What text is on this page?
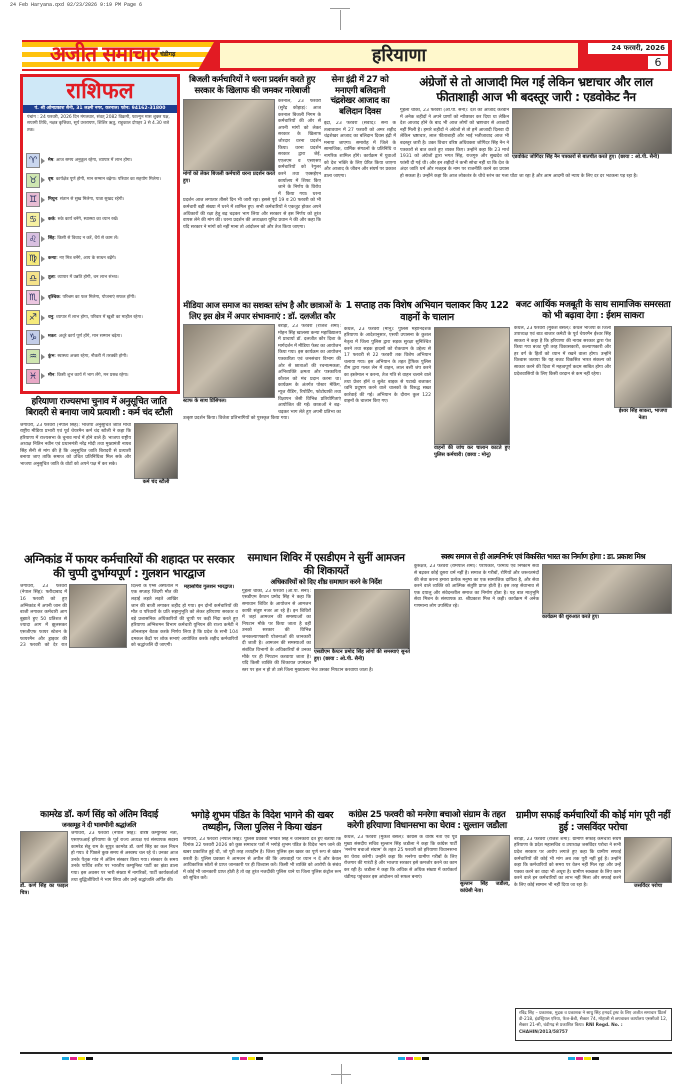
24 Feb Haryana.qxd 02/23/2026 9:19 PM Page 6
अजीत समाचार चंडीगढ़	हरियाणा	24 फरवरी, 2026
6
राशिफल
पं. श्री ओमप्रकाश सैनी, 31 लक्ष्मी नगर, करनाल। फोन: 94162-31800
पंचांग : 24 फरवरी, 2026 दिन मंगलवार, संवत् 2082 विक्रमी, फाल्गुन मास शुक्ल पक्ष, सप्तमी तिथि, नक्षत्र कृत्तिका, सूर्य उत्तरायण, शिशिर ऋतु, राहुकाल दोपहर 3 से 4.30 बजे तक।
♈	मेष: आज समय अनुकूल रहेगा, व्यापार में लाभ होगा।
♉	वृष: कार्यक्षेत्र पूर्ण होगी, मान सम्मान बढ़ेगा। परिवार का सहयोग मिलेगा।
♊	मिथुन: संतान से सुख मिलेगा, यात्रा सुखद रहेगी।
♋	कर्क: रुके कार्य बनेंगे, स्वास्थ्य का ध्यान रखें।
♌	सिंह: किसी से विवाद न करें, धैर्य से काम लें।
♍	कन्या: नए मित्र बनेंगे, आय के साधन बढ़ेंगे।
♎	तुला: व्यापार में उन्नति होगी, धन लाभ संभव।
♏	वृश्चिक: परिश्रम का फल मिलेगा, योजनाएं सफल होंगी।
♐	धनु: व्यापार में लाभ होगा, परिवार में खुशी का माहौल रहेगा।
♑	मकर: अधूरे कार्य पूर्ण होंगे, मान सम्मान बढ़ेगा।
♒	कुंभ: स्वास्थ्य अच्छा रहेगा, नौकरी में तरक्की होगी।
♓	मीन: किसी शुभ कार्य में भाग लेंगे, मन प्रसन्न रहेगा।
बिजली कर्मचारियों ने धरना प्रदर्शन करते हुए सरकार के खिलाफ की जमकर नारेबाजी
मांगों को लेकर बिजली कर्मचारी धरना प्रदर्शन करते हुए।
करनाल, 23 फरवरी (सुरेंद्र कोहाड़): आज करनाल बिजली निगम के कर्मचारियों की ओर से अपनी मांगों को लेकर सरकार के खिलाफ जोरदार धरना प्रदर्शन किया। धरना प्रदर्शन सरकार द्वारा जेई, एएलएम व एसएसए कर्मचारियों को रेगुलर करने तथा एक्सईएन कार्यालय में शिफ्ट किए जाने के निर्णय के विरोध में किया गया। धरना प्रदर्शन आज लगातार तीसरे दिन भी जारी रहा। इससे पूर्व 19 व 20 फरवरी को भी कर्मचारी बड़ी संख्या में धरने में शामिल हुए। सभी कर्मचारियों ने एकजुट होकर अपने अधिकारों की रक्षा हेतु बढ़ चढ़कर भाग लिया और सरकार से इस निर्णय को तुरंत वापस लेने की मांग की। धरना प्रदर्शन की अध्यक्षता यूनिट प्रधान ने की और कहा कि यदि सरकार ने मांगों को नहीं माना तो आंदोलन को और तेज किया जाएगा।
सेना इंद्री में 27 को मनाएगी बलिदानी चंद्रशेखर आजाद का बलिदान दिवस
इंद्री, 23 फरवरी (संवाद): सेना के तत्वावधान में 27 फरवरी को अमर शहीद चंद्रशेखर आजाद का बलिदान दिवस इंद्री में मनाया जाएगा। समारोह में जिले के सामाजिक, धार्मिक संगठनों के प्रतिनिधि व नागरिक शामिल होंगे। कार्यक्रम में युवाओं को देश भक्ति के लिए प्रेरित किया जाएगा और आजाद के जीवन और संघर्ष पर प्रकाश डाला जाएगा।
अंग्रेजों से तो आजादी मिल गई लेकिन भ्रष्टाचार और लाल फीताशाही आज भी बदस्तूर जारी : एडवोकेट नैन
एडवोकेट जोगिंदर सिंह नैन पत्रकारों से बातचीत करते हुए। (छाया : ओ.पी. सैनी)
गुहला चीका, 23 फरवरी (ओ.पी. सैनी): देश को आजाद करवाने में अनेक शहीदों ने अपने प्राणों को न्यौछावर कर दिया था लेकिन देश आजाद होने के बाद भी आज लोगों को भ्रष्टाचार से आजादी नहीं मिली है। हमारे शहीदों ने अंग्रेजों से तो हमें आजादी दिलवा दी लेकिन भ्रष्टाचार, लाल फीताशाही और भाई भतीजावाद आज भी बदस्तूर जारी है। उक्त विचार वरिष्ठ अधिवक्ता जोगिंदर सिंह नैन ने पत्रकारों से बात करते हुए व्यक्त किए। उन्होंने कहा कि 23 मार्च 1931 को अंग्रेजों द्वारा भगत सिंह, राजगुरु और सुखदेव को फांसी दी गई थी। और इन शहीदों ने कभी सोचा नहीं था कि देश के अंदर जाति धर्म और मजहब के नाम पर राजनीति करने का प्रयास हो सकता है। उन्होंने कहा कि आज लोकतंत्र के चौथे स्तंभ का गला घोंटा जा रहा है और आम आदमी को न्याय के लिए दर दर भटकना पड़ रहा है।
हरियाणा राज्यसभा चुनाव में अनुसूचित जाति बिरादरी से बनाया जाये प्रत्याशी : कर्म चंद स्टौली
कर्म चंद स्टौली
जगाधरी, 23 फरवरी (नेपाल सिंह): भाजपा अनुसूचित जाति मोर्चा राष्ट्रीय मीडिया प्रभारी एवं पूर्व चेयरमैन कर्म चंद स्टौली ने कहा कि हरियाणा में राज्यसभा के चुनाव मार्च में होने वाले हैं। भाजपा राष्ट्रीय अध्यक्ष नितिन नवीन एवं प्रधानमंत्री नरेंद्र मोदी तथा मुख्यमंत्री नायब सिंह सैनी से मांग की है कि अनुसूचित जाति बिरादरी से प्रत्याशी बनाया जाए ताकि समाज को उचित प्रतिनिधित्व मिल सके और भाजपा अनुसूचित जाति के वोटों को अपने पक्ष में कर सके।
मीडिया आज समाज का सशक्त स्तंभ है और छात्राओं के लिए इस क्षेत्र में अपार संभावनाएं : डॉ. दलजीत कौर
स्टाफ के साथ प्रिंसिपल।
बराड़ा, 23 फरवरी (राजेश शर्मा): मोहन सिंह खालसा कन्या महाविद्यालय में प्राचार्या डॉ. दलजीत कौर दिशा के मार्गदर्शन में मीडिया फेस्ट का आयोजन किया गया। इस कार्यक्रम का आयोजन पत्रकारिता एवं जनसंचार विभाग की ओर से छात्राओं की रचनात्मकता, अभिव्यक्ति क्षमता और पत्रकारिता कौशल को मंच प्रदान करना था। कार्यक्रम के अंतर्गत पोस्टर मेकिंग, न्यूज रीडिंग, रिपोर्टिंग, फोटोग्राफी तथा विज्ञापन जैसी विभिन्न प्रतियोगिताएं आयोजित की गईं। छात्राओं ने बढ़-चढ़कर भाग लेते हुए अपनी प्रतिभा का उत्कृष्ट प्रदर्शन किया। विजेता प्रतिभागियों को पुरस्कृत किया गया।
1 सप्ताह तक विशेष अभियान चलाकर किए 122 वाहनों के चालान
वाहनों की जांच कर चालान काटते हुए पुलिस कर्मचारी। (छाया : मोनू)
कैथल, 23 फरवरी (मोनू): पुलिस महानिदेशक हरियाणा के आदेशानुसार, एसपी उपासना के कुशल नेतृत्व में जिला पुलिस द्वारा सड़क सुरक्षा सुनिश्चित करने तथा सड़क हादसों को रोकथाम के उद्देश्य से 17 फरवरी से 22 फरवरी तक विशेष अभियान चलाया गया। इस अभियान के तहत ट्रैफिक पुलिस टीम द्वारा गलत लेन में वाहन, लाल बत्ती जंप करने का इस्तेमाल न करना, तेज गति से वाहन चलाने वाले तथा प्रेशर हॉर्न व बुलेट बाइक से पटाखे बजाकर ध्वनि प्रदूषण करने वाले चालकों के विरुद्ध सख्त कार्रवाई की गई। अभियान के दौरान कुल 122 वाहनों के चालान किए गए।
बजट आर्थिक मजबूती के साथ सामाजिक समरसता को भी बढ़ावा देगा : ईशम साकरा
ईश्वर सिंह साकरा, भाजपा नेता।
कैथल, 23 फरवरी (मुकेश बंसल): कैथल भाजपा के जिला उपाध्यक्ष एवं बाउ बाजार कमेटी के पूर्व चेयरमैन ईश्वर सिंह साकरा ने कहा है कि हरियाणा की नायब सरकार द्वारा पेश किया गया बजट पूरी तरह विकासकारी, कल्याणकारी और हर वर्ग के हितों को ध्यान में रखने वाला होगा। उन्होंने विश्वास जताया कि यह बजट विकसित भारत संकल्प को साकार करने की दिशा में महत्वपूर्ण कदम साबित होगा और प्रदेशवासियों के लिए किसी वरदान से कम नहीं रहेगा।
अग्निकांड में फायर कर्मचारियों की शहादत पर सरकार की चुप्पी दुर्भाग्यपूर्ण : गुलशन भारद्वाज
महासचिव गुलशन भारद्वाज।
जगाधरी, 23 फरवरी (नेपाल सिंह): फरीदाबाद में 16 फरवरी को हुए अग्निकांड में अपनी जान की बाजी लगाकर कर्मचारी आग बुझाते हुए 50 प्रतिशत से ज्यादा आग में झुलसकर एसजीएफ फायर स्टेशन के फायरमैन और ड्राइवर की 23 फरवरी को देर रात दिल्ली के एम्स अस्पताल में एक सप्ताह जिंदगी मौत की लड़ाई लड़ते लड़ते आखिर जान की बाजी लगाकर शहीद हो गया। इन दोनों कर्मचारियों की मौत व परिवारों के प्रति सहानुभूति को लेकर हरियाणा सरकार व बड़े प्रशासनिक अधिकारियों की चुप्पी पर कड़ी निंदा करते हुए हरियाणा अग्निशमन विभाग कर्मचारी यूनियन की राज्य कमेटी ने ऑनलाइन बैठक करके निर्णय लिया है कि प्रदेश के सभी 104 दमकल केंद्रों पर शोक सभाएं आयोजित करके शहीद कर्मचारियों को श्रद्धांजलि दी जाएगी।
समाधान शिविर में एसडीएम ने सुनीं आमजन की शिकायतें
अधिकारियों को दिए शीघ्र समाधान करने के निर्देश
एसडीएम कैप्टन प्रमोद सिंह लोगों की समस्याएं सुनते हुए। (छाया : ओ.पी. सैनी)
गुहला चीका, 23 फरवरी (ओ.पी. सैनी): एसडीएम कैप्टन प्रमोद सिंह ने कहा कि समाधान शिविर के आयोजन से आमजन काफी संतुष्ट नजर आ रहे हैं। इन शिविरों में जहां आमजन की समस्याओं का निपटान मौके पर किया जाता है वहीं उनको सरकार की विभिन्न जनकल्याणकारी योजनाओं की जानकारी दी जाती है। आमजन की समस्याओं का संबंधित विभागों के अधिकारियों से उनका मौके पर ही निपटान करवाया जाता है। यदि किसी व्यक्ति की शिकायत उपमंडल स्तर पर हल न हो तो उसे जिला मुख्यालय भेज उसका निपटान करवाया जाता है।
स्वस्थ समाज से ही आत्मनिर्भर एवं विकसित भारत का निर्माण होगा : डा. प्रकाश मिश्र
कार्यक्रम की शुरुआत करते हुए।
कुरुक्षेत्र, 23 फरवरी (रामपाल शर्मा): परोपकार, परमार्थ एवं निष्काम सेवा से बढ़कर कोई दूसरा धर्म नहीं है। समाज के गरीबों, रोगियों और जरूरतमंदों की सेवा करना हमारा प्रत्येक मनुष्य का एक सामाजिक दायित्व है, और सेवा करने वाले व्यक्ति को आत्मिक संतुष्टि प्राप्त होती है। इस तरह सेवाभाव से एक दयालु और संवेदनशील समाज का निर्माण होता है। यह बात मातृभूमि सेवा मिशन के संस्थापक डा. श्रीप्रकाश मिश्र ने कही। कार्यक्रम में अनेक गणमान्य लोग उपस्थित रहे।
कामरेड डॉ. कर्ण सिंह को अंतिम विदाई
जनसमूह ने दी भावभीनी श्रद्धांजलि
डॉ. कर्ण सिंह का फाइल चित्र।
जगाधरी, 23 फरवरी (नेपाल सिंह): वरिष्ठ कम्युनिस्ट नेता, एसएफआई हरियाणा के पूर्व राज्य अध्यक्ष एवं संस्थापक सदस्य कामरेड सेतु राम के सुपुत्र कामरेड डॉ. कर्ण सिंह का कल निधन हो गया। वे पिछले कुछ समय से अस्वस्थ चल रहे थे। उनका आज उनके पैतृक गांव में अंतिम संस्कार किया गया। संस्कार के समय उनके पार्थिव शरीर पर भारतीय कम्युनिस्ट पार्टी का झंडा डाला गया। इस अवसर पर भारी संख्या में नागरिकों, पार्टी कार्यकर्ताओं तथा बुद्धिजीवियों ने भाग लिया और उन्हें श्रद्धांजलि अर्पित की।
भगोड़े शुभम पंडित के विदेश भागने की खबर तथ्यहीन, जिला पुलिस ने किया खंडन
जगाधरी, 23 फरवरी (नेपाल सिंह): पुलिस प्रवक्ता भगवंत सिंह ने जानकारी देते हुए बताया कि दिनांक 22 फरवरी 2026 को कुछ समाचार पत्रों में भगोड़े शुभम पंडित के विदेश भाग जाने की खबर प्रकाशित हुई थी, जो पूरी तरह तथ्यहीन है। जिला पुलिस इस खबर का पूर्ण रूप से खंडन करती है। पुलिस प्रवक्ता ने आमजन से अपील की कि अफवाहों पर ध्यान न दें और केवल आधिकारिक स्रोतों से प्राप्त जानकारी पर ही विश्वास करें। किसी भी व्यक्ति को आरोपी के संबंध में कोई भी जानकारी प्राप्त होती है तो वह तुरंत नजदीकी पुलिस थाने या जिला पुलिस कंट्रोल रूम को सूचित करें।
कांग्रेस 25 फरवरी को मनरेगा बचाओ संग्राम के तहत करेगी हरियाणा विधानसभा का घेराव : सुल्तान जडौला
सुल्तान सिंह जडौला, कांग्रेसी नेता।
कैथल, 23 फरवरी (मुकेश बंसल): कांग्रेस के वरिष्ठ नेता एवं पूर्व मुख्य संसदीय सचिव सुल्तान सिंह जडौला ने कहा कि कांग्रेस पार्टी 'मनरेगा बचाओ संग्राम' के तहत 25 फरवरी को हरियाणा विधानसभा का घेराव करेगी। उन्होंने कहा कि मनरेगा ग्रामीण गरीबों के लिए रोजगार की गारंटी है और भाजपा सरकार इसे कमजोर करने का काम कर रही है। जडौला ने कहा कि अधिक से अधिक संख्या में कार्यकर्ता चंडीगढ़ पहुंचकर इस आंदोलन को सफल बनाएं।
ग्रामीण सफाई कर्मचारियों की कोई मांग पूरी नहीं हुई : जसविंदर परोचा
जसविंदर परोचा
बराड़ा, 23 फरवरी (राजेश शर्मा): ग्रामीण सफाई कर्मचारी संघर्ष हरियाणा के प्रदेश महासचिव व उपाध्यक्ष जसविंदर परोचा ने सभी प्रदेश सरकार पर आरोप लगाते हुए कहा कि ग्रामीण सफाई कर्मचारियों की कोई भी मांग अब तक पूरी नहीं हुई है। उन्होंने कहा कि कर्मचारियों को समय पर वेतन नहीं मिल रहा और उन्हें पक्का करने का वादा भी अधूरा है। ग्रामीण स्वच्छता के लिए काम करने वाले इन कर्मचारियों का लाभ नहीं मिला और सफाई करने के लिए कोई सामान भी नहीं दिया जा रहा है।
रविंद्र सिंह – प्रकाशक, मुद्रक व प्रकाशक ने साधु सिंह हमदर्द ट्रस्ट के लिए अजीत समाचार प्रिंटर्स डी-218, इंडस्ट्रियल एरिया, फेज-8बी, सैक्टर 74, मोहाली से छपवाकर कार्यालय एससीओ 12, सैक्टर 21-सी, चंडीगढ़ से प्रकाशित किया। RNI Regd. No. : CHAHIN/2013/58757
